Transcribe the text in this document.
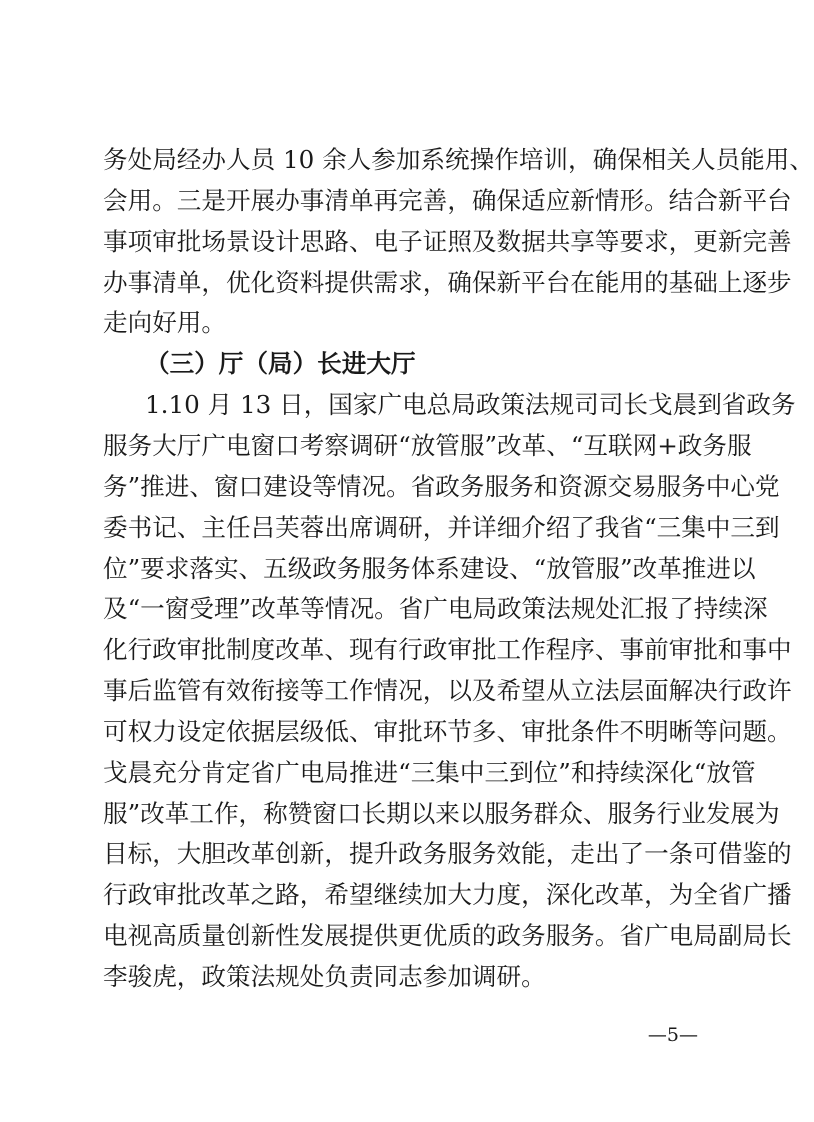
务处局经办人员 10 余人参加系统操作培训，确保相关人员能用、
会用。三是开展办事清单再完善，确保适应新情形。结合新平台
事项审批场景设计思路、电子证照及数据共享等要求，更新完善
办事清单，优化资料提供需求，确保新平台在能用的基础上逐步
走向好用。
（三）厅（局）长进大厅
1.10 月 13 日，国家广电总局政策法规司司长戈晨到省政务
服务大厅广电窗口考察调研“放管服”改革、“互联网+政务服
务”推进、窗口建设等情况。省政务服务和资源交易服务中心党
委书记、主任吕芙蓉出席调研，并详细介绍了我省“三集中三到
位”要求落实、五级政务服务体系建设、“放管服”改革推进以
及“一窗受理”改革等情况。省广电局政策法规处汇报了持续深
化行政审批制度改革、现有行政审批工作程序、事前审批和事中
事后监管有效衔接等工作情况，以及希望从立法层面解决行政许
可权力设定依据层级低、审批环节多、审批条件不明晰等问题。
戈晨充分肯定省广电局推进“三集中三到位”和持续深化“放管
服”改革工作，称赞窗口长期以来以服务群众、服务行业发展为
目标，大胆改革创新，提升政务服务效能，走出了一条可借鉴的
行政审批改革之路，希望继续加大力度，深化改革，为全省广播
电视高质量创新性发展提供更优质的政务服务。省广电局副局长
李骏虎，政策法规处负责同志参加调研。
—5—
